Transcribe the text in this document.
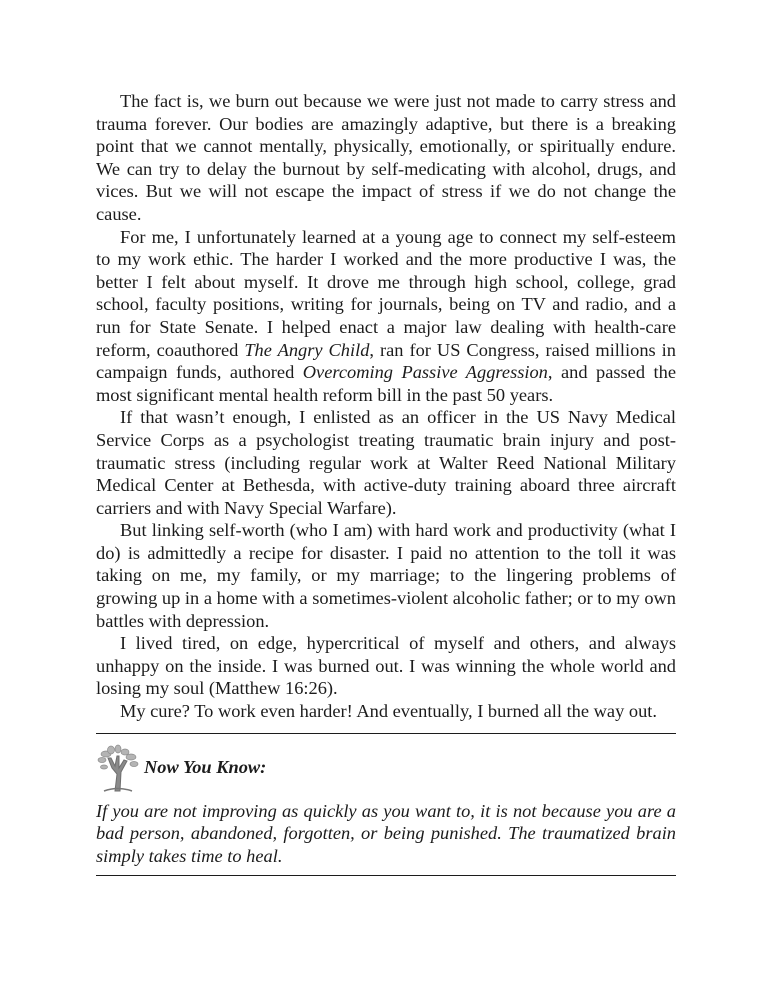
The fact is, we burn out because we were just not made to carry stress and trauma forever. Our bodies are amazingly adaptive, but there is a breaking point that we cannot mentally, physically, emotionally, or spiritually endure. We can try to delay the burnout by self-medicating with alcohol, drugs, and vices. But we will not escape the impact of stress if we do not change the cause.

For me, I unfortunately learned at a young age to connect my self-esteem to my work ethic. The harder I worked and the more productive I was, the better I felt about myself. It drove me through high school, college, grad school, faculty positions, writing for journals, being on TV and radio, and a run for State Senate. I helped enact a major law dealing with health-care reform, coauthored The Angry Child, ran for US Congress, raised millions in campaign funds, authored Overcoming Passive Aggression, and passed the most significant mental health reform bill in the past 50 years.

If that wasn’t enough, I enlisted as an officer in the US Navy Medical Service Corps as a psychologist treating traumatic brain injury and post-traumatic stress (including regular work at Walter Reed National Military Medical Center at Bethesda, with active-duty training aboard three aircraft carriers and with Navy Special Warfare).

But linking self-worth (who I am) with hard work and productivity (what I do) is admittedly a recipe for disaster. I paid no attention to the toll it was taking on me, my family, or my marriage; to the lingering problems of growing up in a home with a sometimes-violent alcoholic father; or to my own battles with depression.

I lived tired, on edge, hypercritical of myself and others, and always unhappy on the inside. I was burned out. I was winning the whole world and losing my soul (Matthew 16:26).

My cure? To work even harder! And eventually, I burned all the way out.

Now You Know:

If you are not improving as quickly as you want to, it is not because you are a bad person, abandoned, forgotten, or being punished. The traumatized brain simply takes time to heal.
